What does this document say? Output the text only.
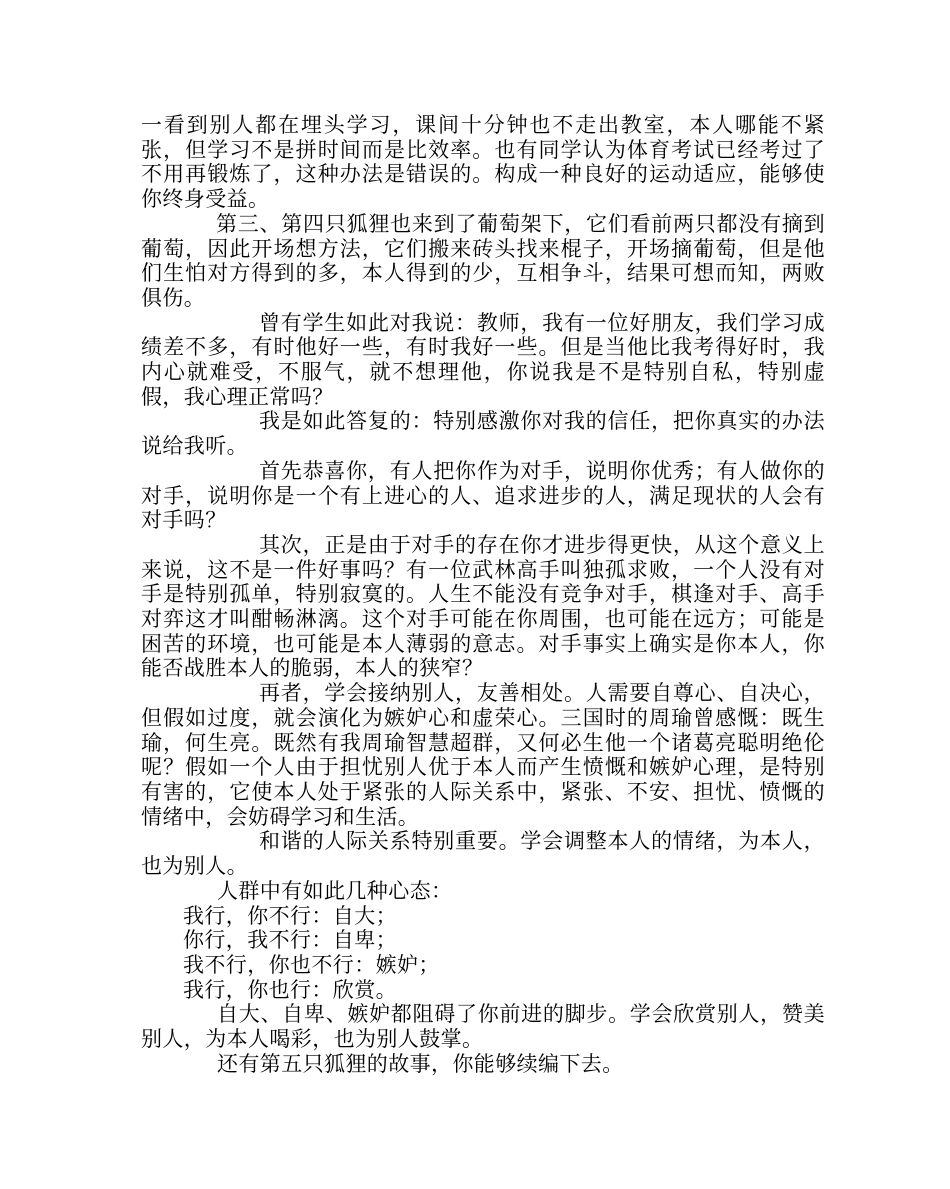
一看到别人都在埋头学习，课间十分钟也不走出教室，本人哪能不紧张，但学习不是拼时间而是比效率。也有同学认为体育考试已经考过了不用再锻炼了，这种办法是错误的。构成一种良好的运动适应，能够使你终身受益。

第三、第四只狐狸也来到了葡萄架下，它们看前两只都没有摘到葡萄，因此开场想方法，它们搬来砖头找来棍子，开场摘葡萄，但是他们生怕对方得到的多，本人得到的少，互相争斗，结果可想而知，两败俱伤。

曾有学生如此对我说：教师，我有一位好朋友，我们学习成绩差不多，有时他好一些，有时我好一些。但是当他比我考得好时，我内心就难受，不服气，就不想理他，你说我是不是特别自私，特别虚假，我心理正常吗？

我是如此答复的：特别感激你对我的信任，把你真实的办法说给我听。

首先恭喜你，有人把你作为对手，说明你优秀；有人做你的对手，说明你是一个有上进心的人、追求进步的人，满足现状的人会有对手吗？

其次，正是由于对手的存在你才进步得更快，从这个意义上来说，这不是一件好事吗？有一位武林高手叫独孤求败，一个人没有对手是特别孤单，特别寂寞的。人生不能没有竞争对手，棋逢对手、高手对弈这才叫酣畅淋漓。这个对手可能在你周围，也可能在远方；可能是困苦的环境，也可能是本人薄弱的意志。对手事实上确实是你本人，你能否战胜本人的脆弱，本人的狭窄？

再者，学会接纳别人，友善相处。人需要自尊心、自决心，但假如过度，就会演化为嫉妒心和虚荣心。三国时的周瑜曾感慨：既生瑜，何生亮。既然有我周瑜智慧超群，又何必生他一个诸葛亮聪明绝伦呢？假如一个人由于担忧别人优于本人而产生愤慨和嫉妒心理，是特别有害的，它使本人处于紧张的人际关系中，紧张、不安、担忧、愤慨的情绪中，会妨碍学习和生活。

和谐的人际关系特别重要。学会调整本人的情绪，为本人，也为别人。

人群中有如此几种心态：

我行，你不行：自大；

你行，我不行：自卑；

我不行，你也不行：嫉妒；

我行，你也行：欣赏。

自大、自卑、嫉妒都阻碍了你前进的脚步。学会欣赏别人，赞美别人，为本人喝彩，也为别人鼓掌。

还有第五只狐狸的故事，你能够续编下去。
